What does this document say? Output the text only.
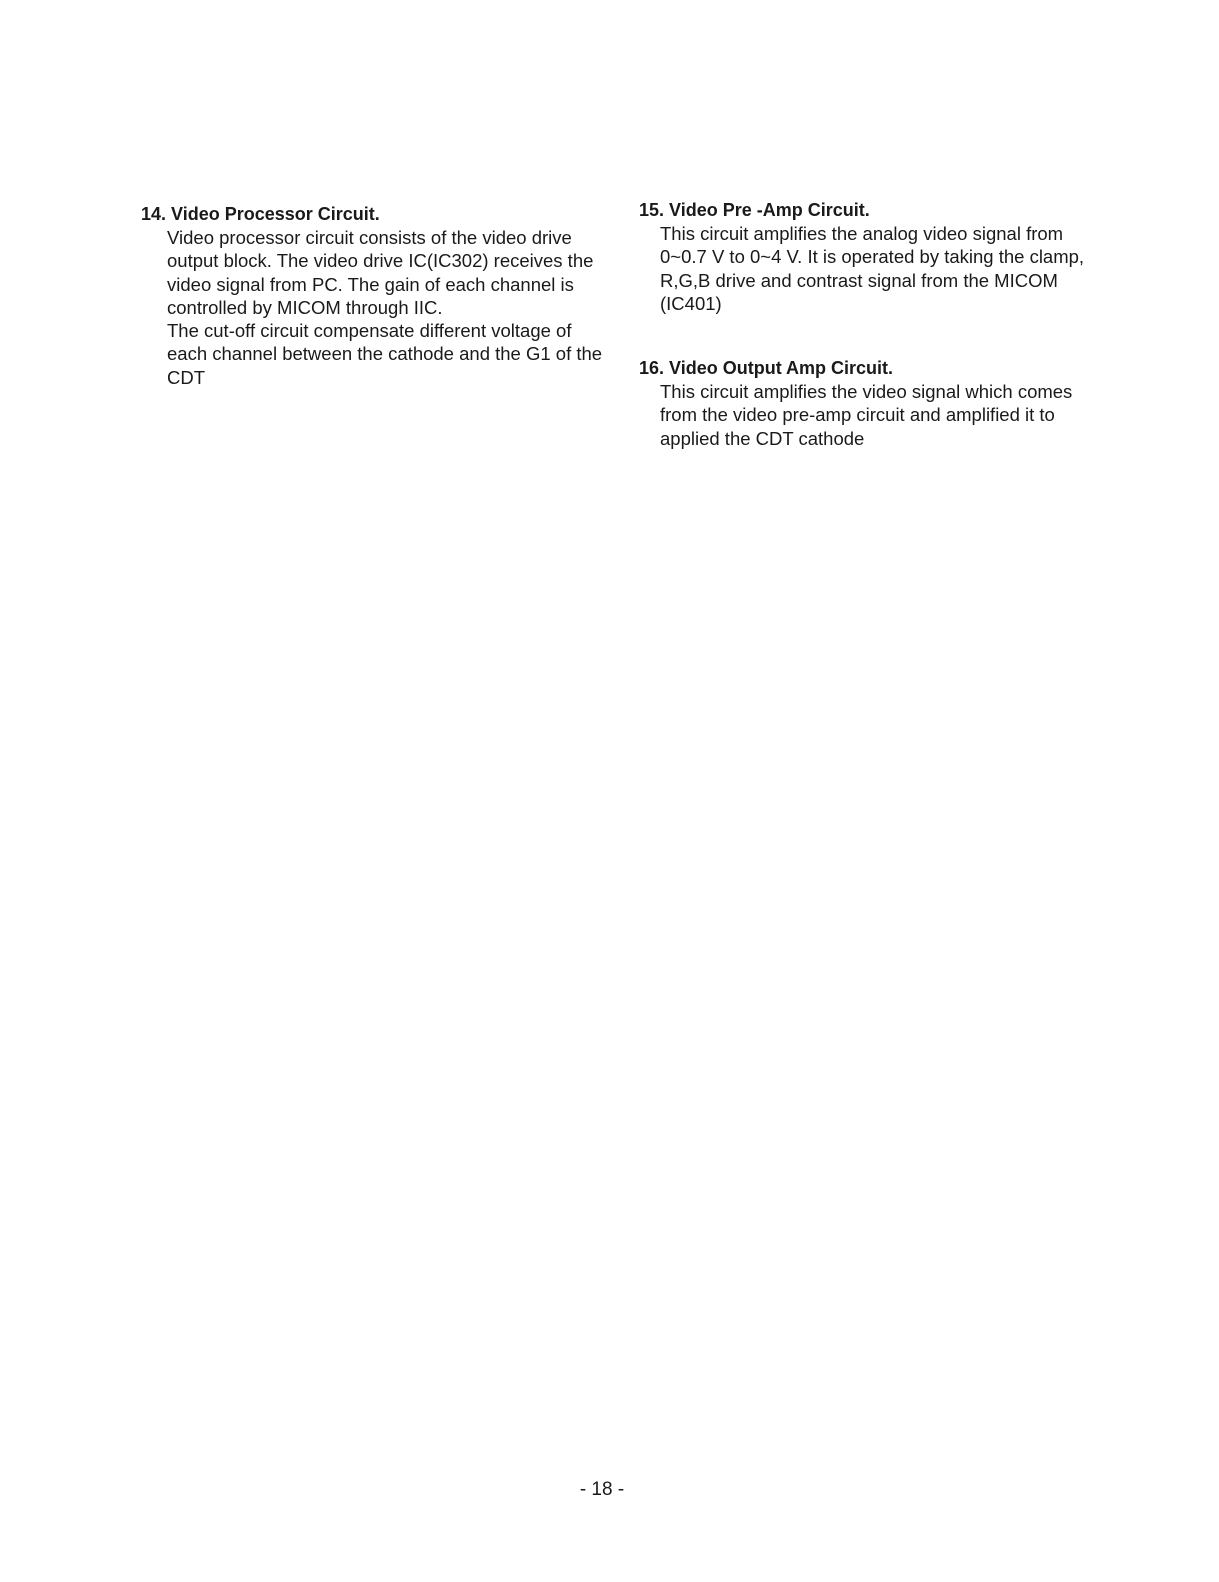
14. Video Processor Circuit.
Video processor circuit consists of the video drive
output block. The video drive IC(IC302) receives the
video signal from PC. The gain of each channel is
controlled by MICOM through IIC.
The cut-off circuit compensate different voltage of
each channel between the cathode and the G1 of the
CDT
15. Video Pre -Amp Circuit.
This circuit amplifies the analog video signal from
0~0.7 V to 0~4 V. It is operated by taking the clamp,
R,G,B drive and contrast signal from the MICOM
(IC401)
16. Video Output Amp Circuit.
This circuit amplifies the video signal which comes
from the video pre-amp circuit and amplified it to
applied the CDT cathode
- 18 -
